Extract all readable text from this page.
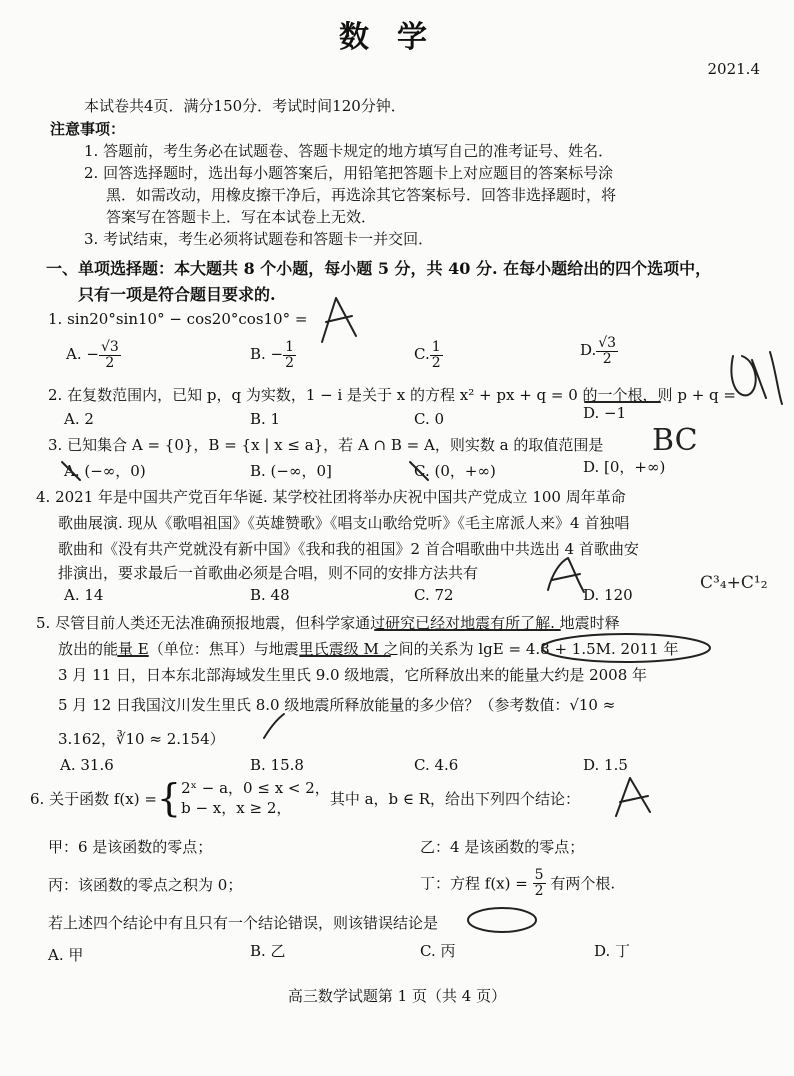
数学
2021.4
本试卷共4页．满分150分．考试时间120分钟．
注意事项：
1. 答题前，考生务必在试题卷、答题卡规定的地方填写自己的准考证号、姓名．
2. 回答选择题时，选出每小题答案后，用铅笔把答题卡上对应题目的答案标号涂
黑．如需改动，用橡皮擦干净后，再选涂其它答案标号．回答非选择题时，将
答案写在答题卡上．写在本试卷上无效．
3. 考试结束，考生必须将试题卷和答题卡一并交回．
一、单项选择题：本大题共 8 个小题，每小题 5 分，共 40 分. 在每小题给出的四个选项中，
只有一项是符合题目要求的.
1. sin20°sin10° − cos20°cos10° =
A. − $\frac{√3}{2}$	B. − $\frac{1}{2}$	C. $\frac{1}{2}$	D. $\frac{√3}{2}$
2. 在复数范围内，已知 p，q 为实数，1 − i 是关于 x 的方程 x² + px + q = 0 的一个根，则 p + q =
A. 2	B. 1	C. 0	D. −1
3. 已知集合 A = {0}，B = {x | x ≤ a}，若 A ∩ B = A，则实数 a 的取值范围是
A. (−∞，0)	B. (−∞，0]	C. (0，+∞)	D. [0，+∞)
4. 2021 年是中国共产党百年华诞. 某学校社团将举办庆祝中国共产党成立 100 周年革命
歌曲展演. 现从《歌唱祖国》《英雄赞歌》《唱支山歌给党听》《毛主席派人来》4 首独唱
歌曲和《没有共产党就没有新中国》《我和我的祖国》2 首合唱歌曲中共选出 4 首歌曲安
排演出，要求最后一首歌曲必须是合唱，则不同的安排方法共有
A. 14	B. 48	C. 72	D. 120
5. 尽管目前人类还无法准确预报地震，但科学家通过研究已经对地震有所了解. 地震时释
放出的能量 E（单位：焦耳）与地震里氏震级 M 之间的关系为 lgE = 4.8 + 1.5M. 2011 年
3 月 11 日，日本东北部海域发生里氏 9.0 级地震，它所释放出来的能量大约是 2008 年
5 月 12 日我国汶川发生里氏 8.0 级地震所释放能量的多少倍？（参考数值：√10 ≈
3.162，∛10 ≈ 2.154）
A. 31.6	B. 15.8	C. 4.6	D. 1.5
6. 关于函数 f(x) ={ 2ˣ − a，0 ≤ x < 2，
b − x，x ≥ 2，
其中 a，b ∈ R，给出下列四个结论：
甲：6 是该函数的零点；	乙：4 是该函数的零点；
丙：该函数的零点之积为 0；	丁：方程 $f(x) = \frac{5}{2}$ 有两个根.
若上述四个结论中有且只有一个结论错误，则该错误结论是
A. 甲	B. 乙	C. 丙	D. 丁
高三数学试题第 1 页（共 4 页）
BC
C³₄+C¹₂
